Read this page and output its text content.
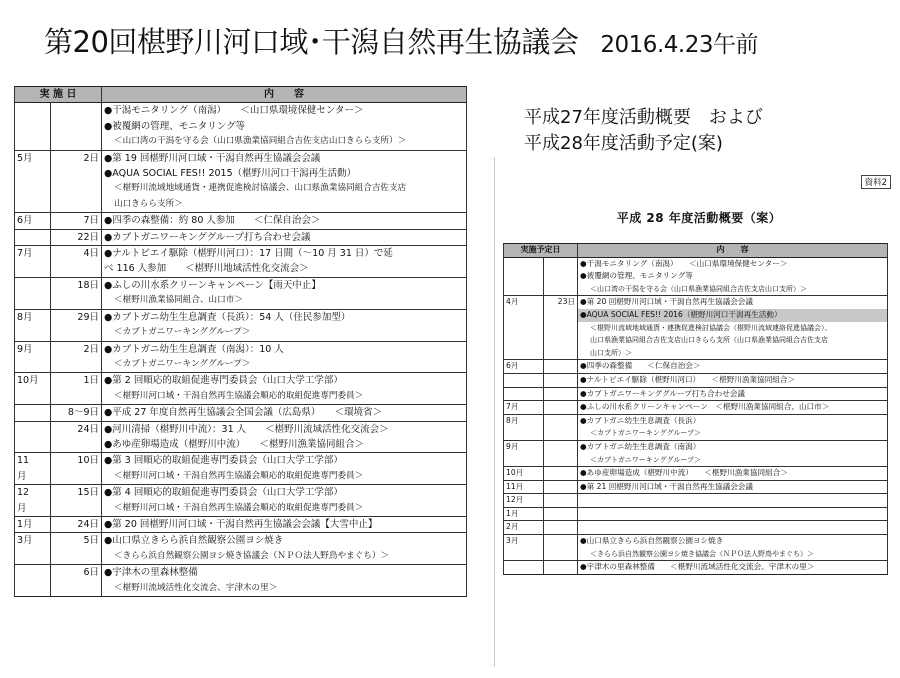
第20回椹野川河口域･干潟自然再生協議会 2016.4.23午前
平成27年度活動概要　および
平成28年度活動予定(案)
実 施 日		内　　容
		●干潟モニタリング（南潟）　　＜山口県環境保健センター＞
		●被覆網の管理、モニタリング等
		＜山口湾の干潟を守る会（山口県漁業協同組合吉佐支店山口きらら支所）＞
5月	2日	●第 19 回椹野川河口域・干潟自然再生協議会会議
		●AQUA SOCIAL FES!! 2015（椹野川河口干潟再生活動）
		＜椹野川流域地域通貨・連携促進検討協議会、山口県漁業協同組合吉佐支店
		山口きらら支所＞
6月	7日	●四季の森整備：約 80 人参加　　＜仁保自治会＞
	22日	●カブトガニワーキンググループ打ち合わせ会議
7月	4日	●ナルトビエイ駆除（椹野川河口）：17 日間（～10 月 31 日）で延
		べ 116 人参加　　＜椹野川地域活性化交流会＞
	18日	●ふしの川水系クリーンキャンペーン【雨天中止】
		＜椹野川漁業協同組合、山口市＞
8月	29日	●カブトガニ幼生生息調査（長浜）：54 人（住民参加型）
		＜カブトガニワーキンググループ＞
9月	2日	●カブトガニ幼生生息調査（南潟）：10 人
		＜カブトガニワーキンググループ＞
10月	1日	●第 2 回順応的取組促進専門委員会（山口大学工学部）
		＜椹野川河口域・干潟自然再生協議会順応的取組促進専門委員＞
	8～9日	●平成 27 年度自然再生協議会全国会議（広島県）　　＜環境省＞
	24日	●河川清掃（椹野川中流）：31 人　　＜椹野川流域活性化交流会＞
		●あゆ産卵場造成（椹野川中流）　　＜椹野川漁業協同組合＞
11	10日	●第 3 回順応的取組促進専門委員会（山口大学工学部）
月		＜椹野川河口域・干潟自然再生協議会順応的取組促進専門委員＞
12	15日	●第 4 回順応的取組促進専門委員会（山口大学工学部）
月		＜椹野川河口域・干潟自然再生協議会順応的取組促進専門委員＞
1月	24日	●第 20 回椹野川河口域・干潟自然再生協議会会議【大雪中止】
3月	5日	●山口県立きらら浜自然観察公園ヨシ焼き
		＜きらら浜自然観察公園ヨシ焼き協議会（ＮＰＯ法人野鳥やまぐち）＞
	6日	●宇津木の里森林整備
		＜椹野川流域活性化交流会、宇津木の里＞
資料2
平成 28 年度活動概要（案）
実施予定日		内　　容
		●干潟モニタリング（南潟）　　＜山口県環境保健センター＞
		●被覆網の管理、モニタリング等
		＜山口湾の干潟を守る会（山口県漁業協同組合吉佐支店山口支所）＞
4月	23日	●第 20 回椹野川河口域・干潟自然再生協議会会議
		●AQUA SOCIAL FES!! 2016（椹野川河口干潟再生活動）
		＜椹野川流域地域通貨・連携促進検討協議会（椹野川流域連絡促進協議会）、
		山口県漁業協同組合吉佐支店山口きらら支所（山口県漁業協同組合吉佐支店
		山口支所）＞
6月		●四季の森整備　　＜仁保自治会＞
		●ナルトビエイ駆除（椹野川河口）　　＜椹野川漁業協同組合＞
		●カブトガニワーキンググループ打ち合わせ会議
7月		●ふしの川水系クリーンキャンペーン　＜椹野川漁業協同組合、山口市＞
8月		●カブトガニ幼生生息調査（長浜）
		＜カブトガニワーキンググループ＞
9月		●カブトガニ幼生生息調査（南潟）
		＜カブトガニワーキンググループ＞
10月		●あゆ産卵場造成（椹野川中流）　　＜椹野川漁業協同組合＞
11月		●第 21 回椹野川河口域・干潟自然再生協議会会議
12月		
1月		
2月		
3月		●山口県立きらら浜自然観察公園ヨシ焼き
		＜きらら浜自然観察公園ヨシ焼き協議会（ＮＰＯ法人野鳥やまぐち）＞
		●宇津木の里森林整備　　＜椹野川流域活性化交流会、宇津木の里＞
